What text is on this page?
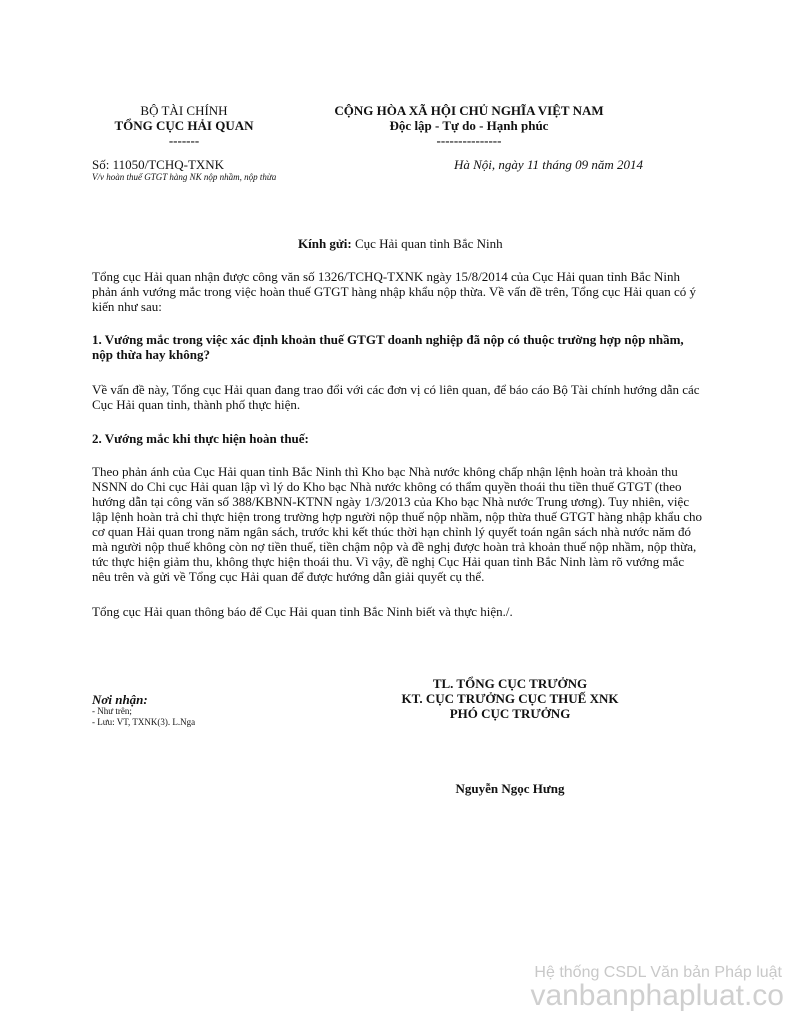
BỘ TÀI CHÍNH
TỔNG CỤC HẢI QUAN
-------
CỘNG HÒA XÃ HỘI CHỦ NGHĨA VIỆT NAM
Độc lập - Tự do - Hạnh phúc
---------------
Số: 11050/TCHQ-TXNK
V/v hoàn thuế GTGT hàng NK nộp nhầm, nộp thừa
Hà Nội, ngày 11 tháng 09 năm 2014
Kính gửi: Cục Hải quan tỉnh Bắc Ninh
Tổng cục Hải quan nhận được công văn số 1326/TCHQ-TXNK ngày 15/8/2014 của Cục Hải quan tỉnh Bắc Ninh phản ánh vướng mắc trong việc hoàn thuế GTGT hàng nhập khẩu nộp thừa. Về vấn đề trên, Tổng cục Hải quan có ý kiến như sau:
1. Vướng mắc trong việc xác định khoản thuế GTGT doanh nghiệp đã nộp có thuộc trường hợp nộp nhầm, nộp thừa hay không?
Về vấn đề này, Tổng cục Hải quan đang trao đổi với các đơn vị có liên quan, để báo cáo Bộ Tài chính hướng dẫn các Cục Hải quan tỉnh, thành phố thực hiện.
2. Vướng mắc khi thực hiện hoàn thuế:
Theo phản ánh của Cục Hải quan tỉnh Bắc Ninh thì Kho bạc Nhà nước không chấp nhận lệnh hoàn trả khoản thu NSNN do Chi cục Hải quan lập vì lý do Kho bạc Nhà nước không có thẩm quyền thoái thu tiền thuế GTGT (theo hướng dẫn tại công văn số 388/KBNN-KTNN ngày 1/3/2013 của Kho bạc Nhà nước Trung ương). Tuy nhiên, việc lập lệnh hoàn trả chỉ thực hiện trong trường hợp người nộp thuế nộp nhầm, nộp thừa thuế GTGT hàng nhập khẩu cho cơ quan Hải quan trong năm ngân sách, trước khi kết thúc thời hạn chỉnh lý quyết toán ngân sách nhà nước năm đó mà người nộp thuế không còn nợ tiền thuế, tiền chậm nộp và đề nghị được hoàn trả khoản thuế nộp nhầm, nộp thừa, tức thực hiện giảm thu, không thực hiện thoái thu. Vì vậy, đề nghị Cục Hải quan tỉnh Bắc Ninh làm rõ vướng mắc nêu trên và gửi về Tổng cục Hải quan để được hướng dẫn giải quyết cụ thể.
Tổng cục Hải quan thông báo để Cục Hải quan tỉnh Bắc Ninh biết và thực hiện./.
TL. TỔNG CỤC TRƯỞNG
KT. CỤC TRƯỞNG CỤC THUẾ XNK
PHÓ CỤC TRƯỞNG
Nguyễn Ngọc Hưng
Nơi nhận:
- Như trên;
- Lưu: VT, TXNK(3). L.Nga
Hệ thống CSDL Văn bản Pháp luật
vanbanphapluat.co
